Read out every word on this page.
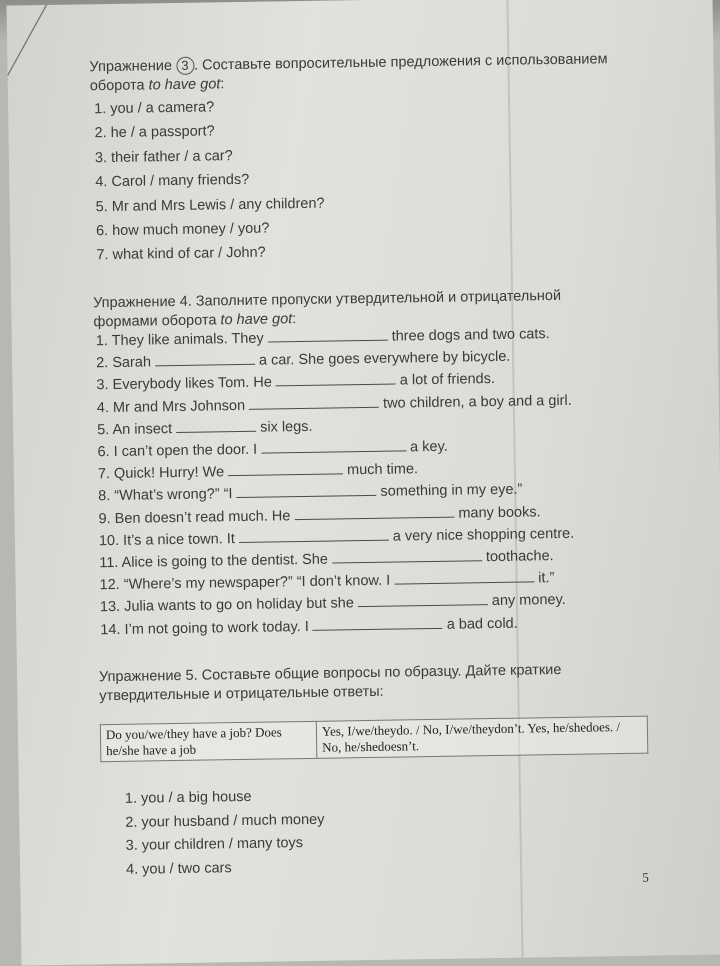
Упражнение 3 . Составьте вопросительные предложения с использованием
оборота to have got:
1. you / a camera?
2. he / a passport?
3. their father / a car?
4. Carol / many friends?
5. Mr and Mrs Lewis / any children?
6. how much money / you?
7. what kind of car / John?
Упражнение 4. Заполните пропуски утвердительной и отрицательной
формами оборота to have got:
1. They like animals. They	three dogs and two cats.
2. Sarah	a car. She goes everywhere by bicycle.
3. Everybody likes Tom. He	a lot of friends.
4. Mr and Mrs Johnson	two children, a boy and a girl.
5. An insect	six legs.
6. I can’t open the door. I	a key.
7. Quick! Hurry! We	much time.
8. “What’s wrong?” “I	something in my eye.”
9. Ben doesn’t read much. He	many books.
10. It’s a nice town. It	a very nice shopping centre.
11. Alice is going to the dentist. She	toothache.
12. “Where’s my newspaper?” “I don’t know. I	it.”
13. Julia wants to go on holiday but she	any money.
14. I’m not going to work today. I	a bad cold.
Упражнение 5. Составьте общие вопросы по образцу. Дайте краткие
утвердительные и отрицательные ответы:
1. you / a big house
2. your husband / much money
3. your children / many toys
4. you / two cars
Do you/we/they have a job? Does he/she have a job	Yes, I/we/theydo. / No, I/we/theydon’t. Yes, he/shedoes. / No, he/shedoesn’t.
5
